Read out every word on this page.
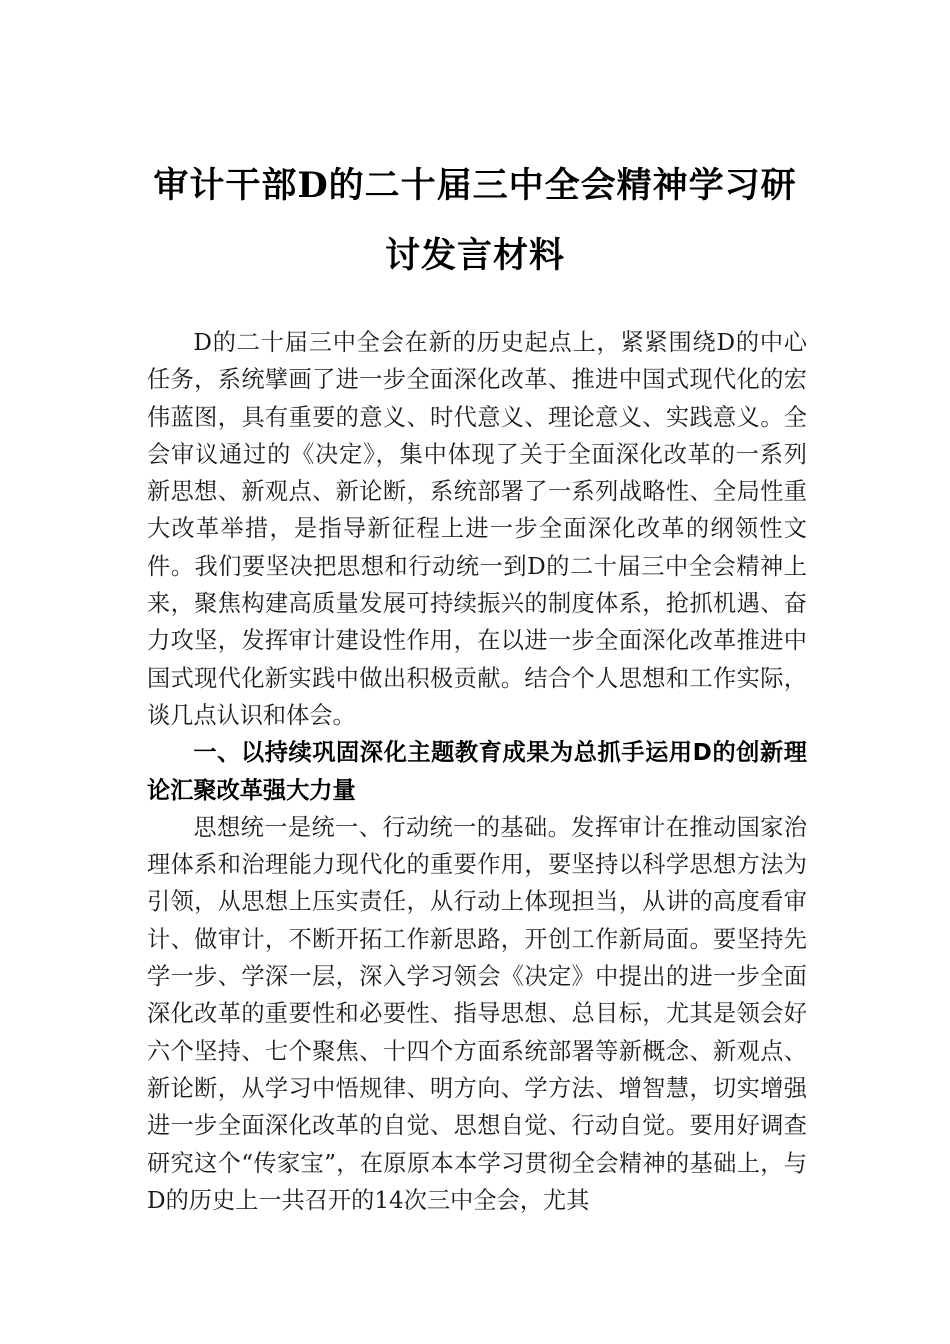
审计干部D的二十届三中全会精神学习研讨发言材料

D的二十届三中全会在新的历史起点上，紧紧围绕D的中心任务，系统擘画了进一步全面深化改革、推进中国式现代化的宏伟蓝图，具有重要的意义、时代意义、理论意义、实践意义。全会审议通过的《决定》，集中体现了关于全面深化改革的一系列新思想、新观点、新论断，系统部署了一系列战略性、全局性重大改革举措，是指导新征程上进一步全面深化改革的纲领性文件。我们要坚决把思想和行动统一到D的二十届三中全会精神上来，聚焦构建高质量发展可持续振兴的制度体系，抢抓机遇、奋力攻坚，发挥审计建设性作用，在以进一步全面深化改革推进中国式现代化新实践中做出积极贡献。结合个人思想和工作实际，谈几点认识和体会。

一、以持续巩固深化主题教育成果为总抓手运用D的创新理论汇聚改革强大力量

思想统一是统一、行动统一的基础。发挥审计在推动国家治理体系和治理能力现代化的重要作用，要坚持以科学思想方法为引领，从思想上压实责任，从行动上体现担当，从讲的高度看审计、做审计，不断开拓工作新思路，开创工作新局面。要坚持先学一步、学深一层，深入学习领会《决定》中提出的进一步全面深化改革的重要性和必要性、指导思想、总目标，尤其是领会好六个坚持、七个聚焦、十四个方面系统部署等新概念、新观点、新论断，从学习中悟规律、明方向、学方法、增智慧，切实增强进一步全面深化改革的自觉、思想自觉、行动自觉。要用好调查研究这个“传家宝”，在原原本本学习贯彻全会精神的基础上，与D的历史上一共召开的14次三中全会，尤其
